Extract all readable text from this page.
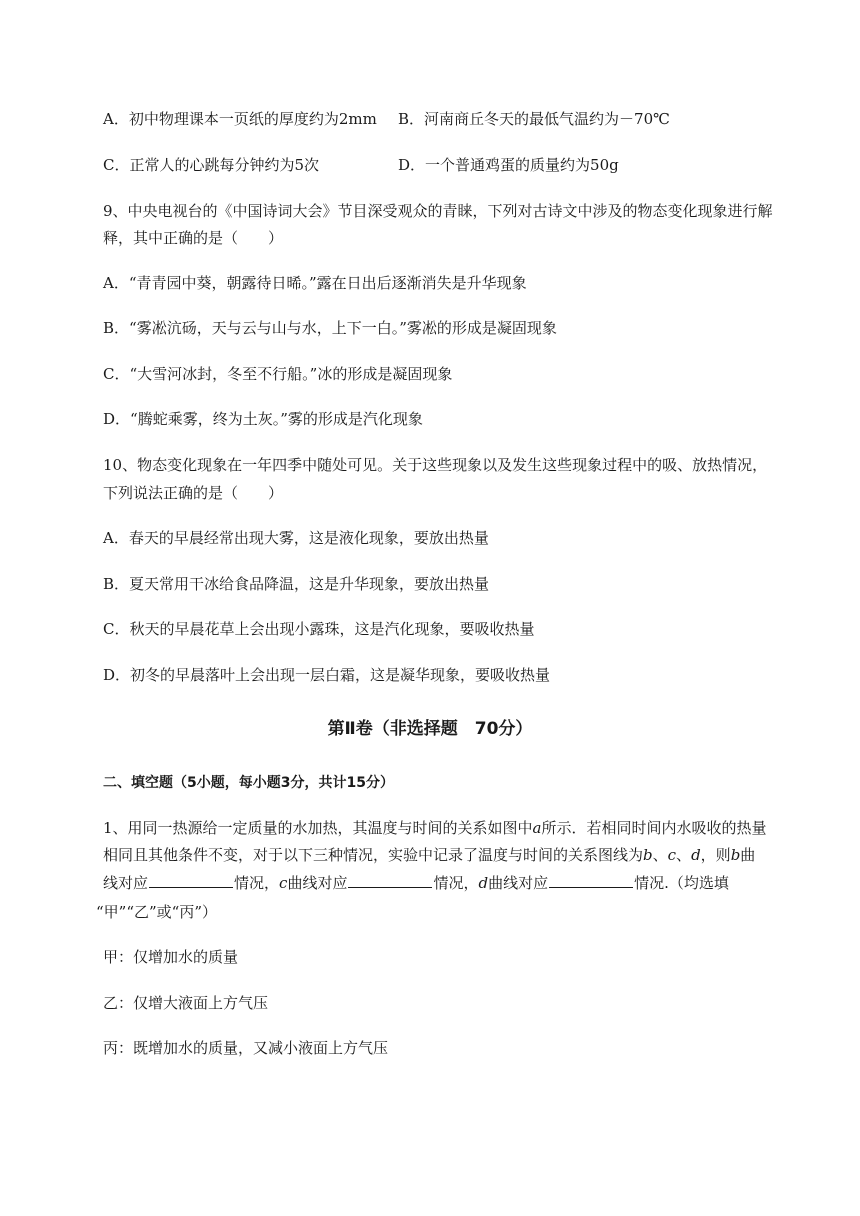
A．初中物理课本一页纸的厚度约为2mm B．河南商丘冬天的最低气温约为－70℃
C．正常人的心跳每分钟约为5次	D．一个普通鸡蛋的质量约为50g
9、中央电视台的《中国诗词大会》节目深受观众的青睐，下列对古诗文中涉及的物态变化现象进行解
释，其中正确的是（　　）
A．“青青园中葵，朝露待日晞。”露在日出后逐渐消失是升华现象
B．“雾凇沆砀，天与云与山与水，上下一白。”雾凇的形成是凝固现象
C．“大雪河冰封，冬至不行船。”冰的形成是凝固现象
D．“腾蛇乘雾，终为土灰。”雾的形成是汽化现象
10、物态变化现象在一年四季中随处可见。关于这些现象以及发生这些现象过程中的吸、放热情况，
下列说法正确的是（　　）
A．春天的早晨经常出现大雾，这是液化现象，要放出热量
B．夏天常用干冰给食品降温，这是升华现象，要放出热量
C．秋天的早晨花草上会出现小露珠，这是汽化现象，要吸收热量
D．初冬的早晨落叶上会出现一层白霜，这是凝华现象，要吸收热量
第Ⅱ卷（非选择题　70分）
二、填空题（5小题，每小题3分，共计15分）
1、用同一热源给一定质量的水加热，其温度与时间的关系如图中a所示．若相同时间内水吸收的热量
相同且其他条件不变，对于以下三种情况，实验中记录了温度与时间的关系图线为b、c、d，则b曲
线对应	情况，c曲线对应	情况，d曲线对应	情况.（均选填
“甲”“乙”或“丙”）
甲：仅增加水的质量
乙：仅增大液面上方气压
丙：既增加水的质量，又减小液面上方气压
